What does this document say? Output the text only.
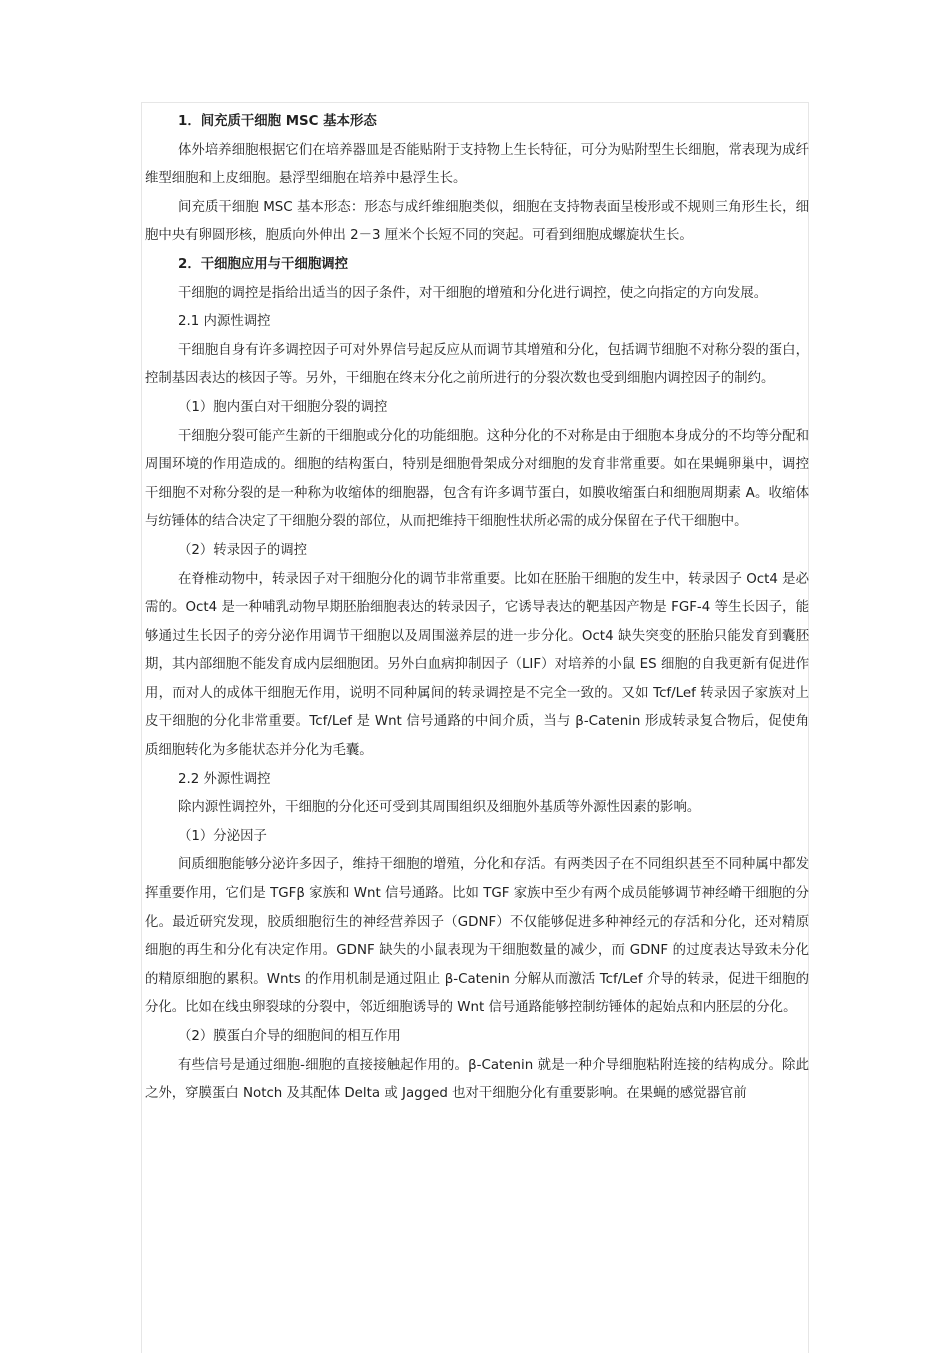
1．间充质干细胞 MSC 基本形态

体外培养细胞根据它们在培养器皿是否能贴附于支持物上生长特征，可分为贴附型生长细胞，常表现为成纤维型细胞和上皮细胞。悬浮型细胞在培养中悬浮生长。

间充质干细胞 MSC 基本形态：形态与成纤维细胞类似，细胞在支持物表面呈梭形或不规则三角形生长，细胞中央有卵圆形核，胞质向外伸出 2－3 厘米个长短不同的突起。可看到细胞成螺旋状生长。

2．干细胞应用与干细胞调控

干细胞的调控是指给出适当的因子条件，对干细胞的增殖和分化进行调控，使之向指定的方向发展。

2.1 内源性调控

干细胞自身有许多调控因子可对外界信号起反应从而调节其增殖和分化，包括调节细胞不对称分裂的蛋白，控制基因表达的核因子等。另外，干细胞在终末分化之前所进行的分裂次数也受到细胞内调控因子的制约。

（1）胞内蛋白对干细胞分裂的调控

干细胞分裂可能产生新的干细胞或分化的功能细胞。这种分化的不对称是由于细胞本身成分的不均等分配和周围环境的作用造成的。细胞的结构蛋白，特别是细胞骨架成分对细胞的发育非常重要。如在果蝇卵巢中，调控干细胞不对称分裂的是一种称为收缩体的细胞器，包含有许多调节蛋白，如膜收缩蛋白和细胞周期素 A。收缩体与纺锤体的结合决定了干细胞分裂的部位，从而把维持干细胞性状所必需的成分保留在子代干细胞中。

（2）转录因子的调控

在脊椎动物中，转录因子对干细胞分化的调节非常重要。比如在胚胎干细胞的发生中，转录因子 Oct4 是必需的。Oct4 是一种哺乳动物早期胚胎细胞表达的转录因子，它诱导表达的靶基因产物是 FGF-4 等生长因子，能够通过生长因子的旁分泌作用调节干细胞以及周围滋养层的进一步分化。Oct4 缺失突变的胚胎只能发育到囊胚期，其内部细胞不能发育成内层细胞团。另外白血病抑制因子（LIF）对培养的小鼠 ES 细胞的自我更新有促进作用，而对人的成体干细胞无作用，说明不同种属间的转录调控是不完全一致的。又如 Tcf/Lef 转录因子家族对上皮干细胞的分化非常重要。Tcf/Lef 是 Wnt 信号通路的中间介质，当与 β-Catenin 形成转录复合物后，促使角质细胞转化为多能状态并分化为毛囊。

2.2 外源性调控

除内源性调控外，干细胞的分化还可受到其周围组织及细胞外基质等外源性因素的影响。

（1）分泌因子

间质细胞能够分泌许多因子，维持干细胞的增殖，分化和存活。有两类因子在不同组织甚至不同种属中都发挥重要作用，它们是 TGFβ 家族和 Wnt 信号通路。比如 TGF 家族中至少有两个成员能够调节神经嵴干细胞的分化。最近研究发现，胶质细胞衍生的神经营养因子（GDNF）不仅能够促进多种神经元的存活和分化，还对精原细胞的再生和分化有决定作用。GDNF 缺失的小鼠表现为干细胞数量的减少，而 GDNF 的过度表达导致未分化的精原细胞的累积。Wnts 的作用机制是通过阻止 β-Catenin 分解从而激活 Tcf/Lef 介导的转录，促进干细胞的分化。比如在线虫卵裂球的分裂中，邻近细胞诱导的 Wnt 信号通路能够控制纺锤体的起始点和内胚层的分化。

（2）膜蛋白介导的细胞间的相互作用

有些信号是通过细胞-细胞的直接接触起作用的。β-Catenin 就是一种介导细胞粘附连接的结构成分。除此之外，穿膜蛋白 Notch 及其配体 Delta 或 Jagged 也对干细胞分化有重要影响。在果蝇的感觉器官前
